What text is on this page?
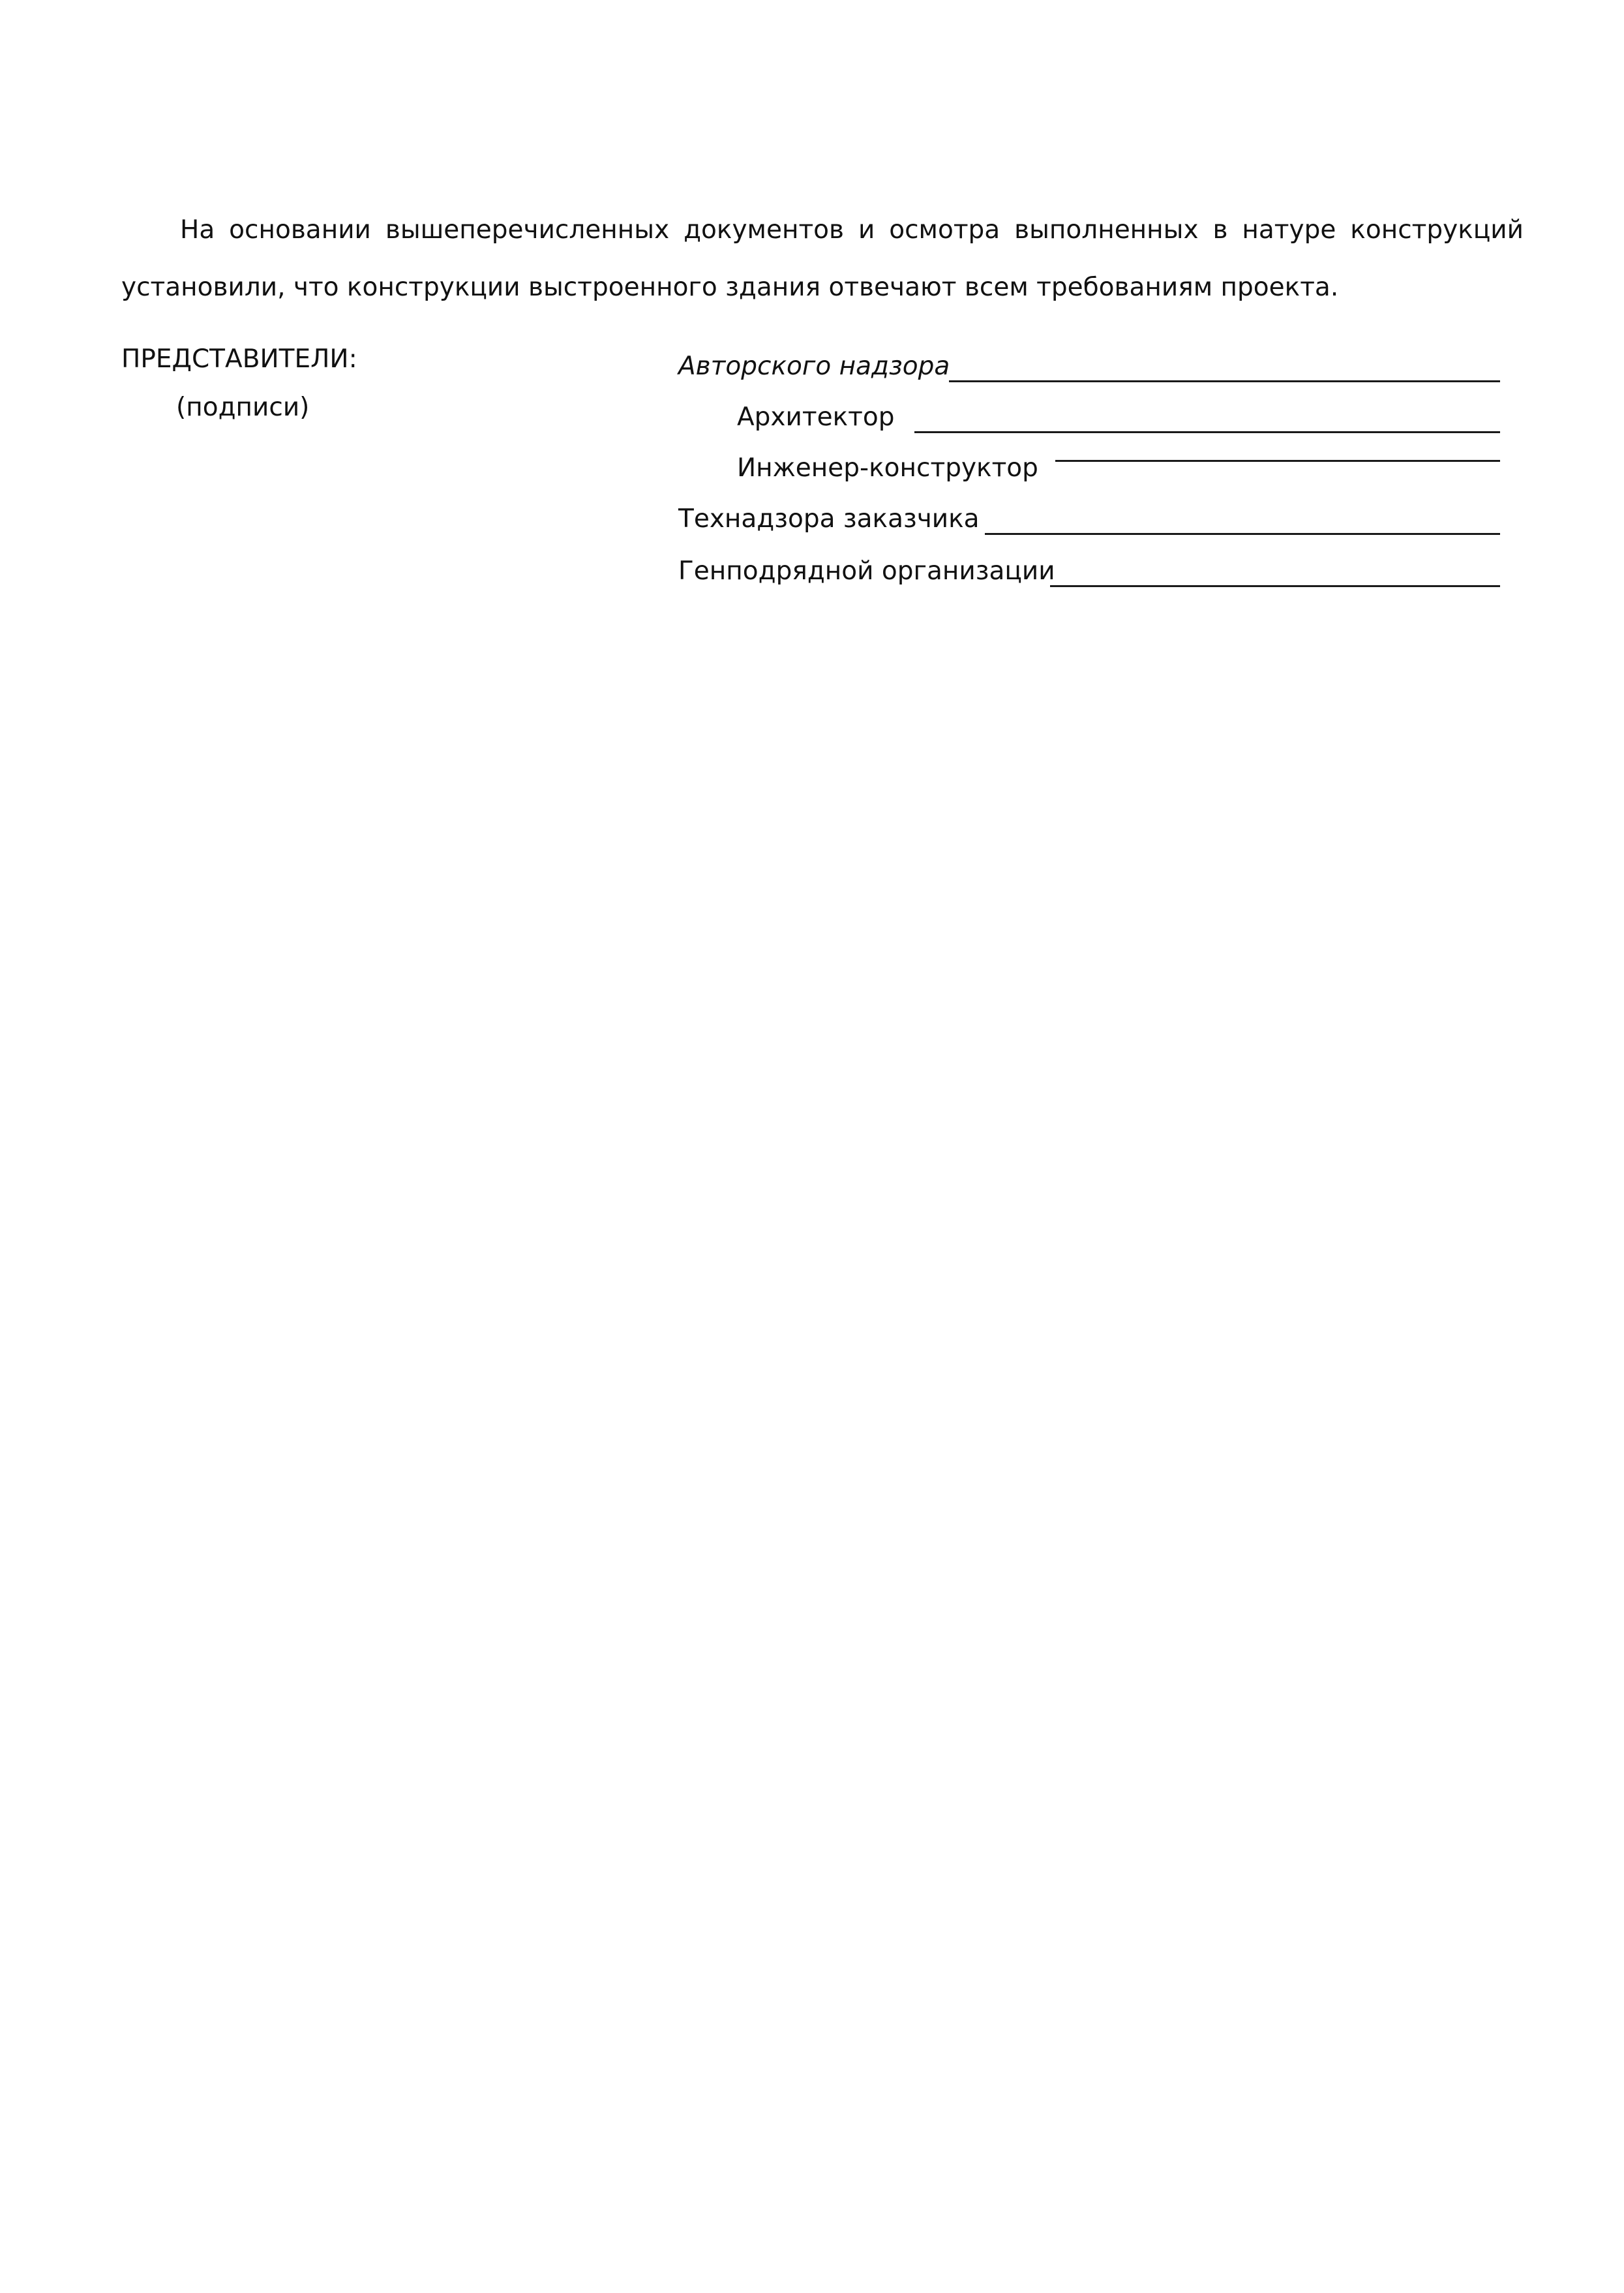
На основании вышеперечисленных документов и осмотра выполненных в натуре конструкций установили, что конструкции выстроенного здания отвечают всем требованиям проекта.

ПРЕДСТАВИТЕЛИ:
(подписи)
Авторского надзора
Архитектор
Инженер-конструктор
Технадзора заказчика
Генподрядной организации
